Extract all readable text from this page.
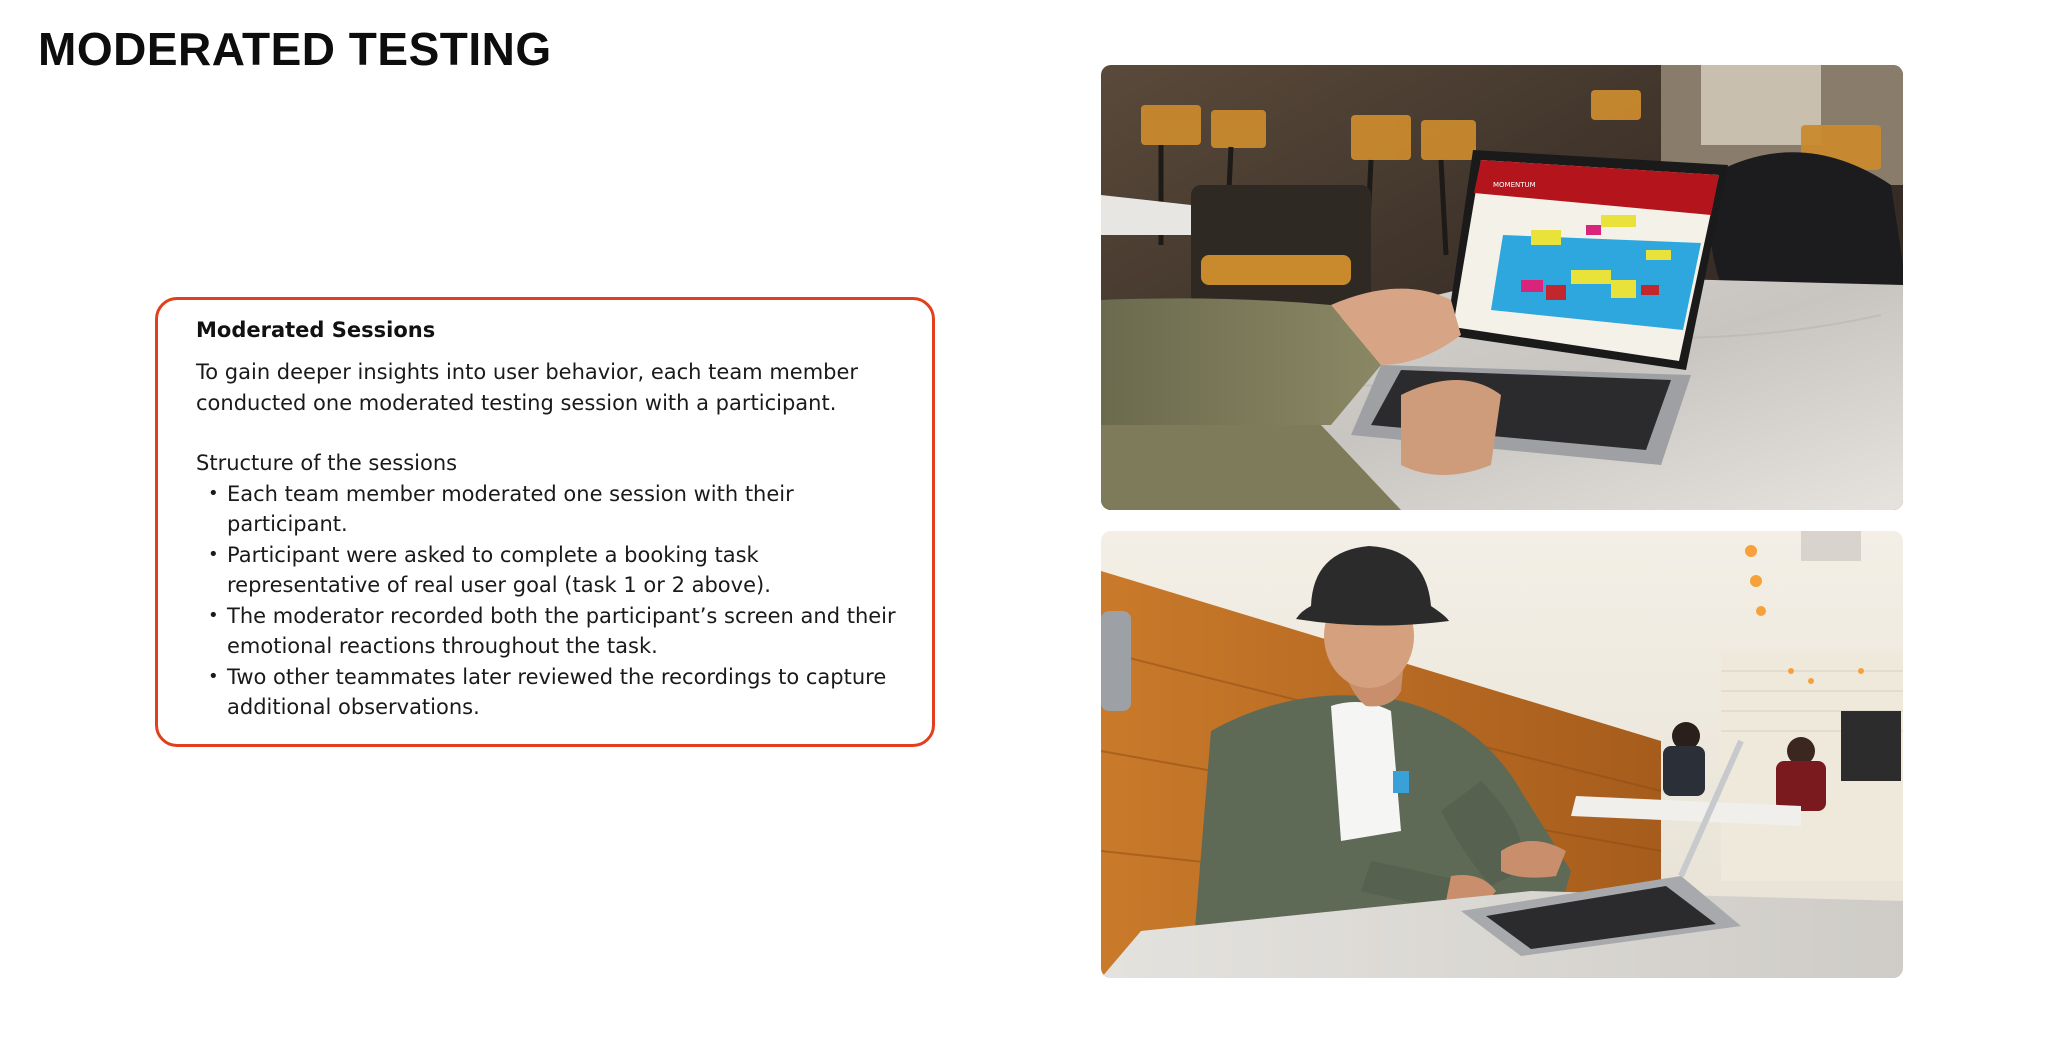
MODERATED TESTING
Moderated Sessions

To gain deeper insights into user behavior, each team member conducted one moderated testing session with a participant.

Structure of the sessions

• Each team member moderated one session with their participant.
• Participant were asked to complete a booking task representative of real user goal (task 1 or 2 above).
• The moderator recorded both the participant’s screen and their emotional reactions throughout the task.
• Two other teammates later reviewed the recordings to capture additional observations.
MOMENTUM
